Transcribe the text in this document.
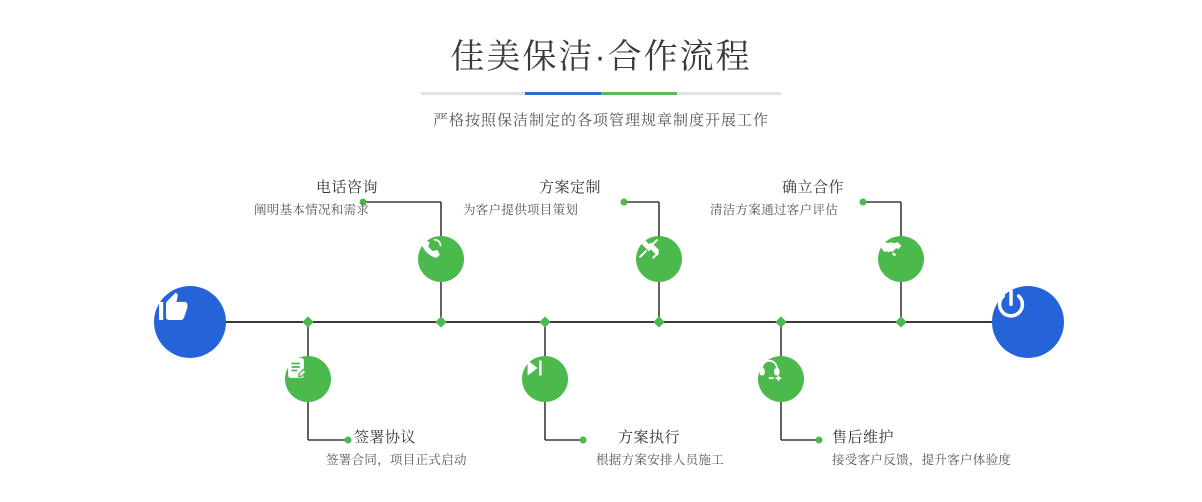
佳美保洁·合作流程

严格按照保洁制定的各项管理规章制度开展工作

电话咨询
阐明基本情况和需求
方案定制
为客户提供项目策划
确立合作
清洁方案通过客户评估
签署协议
签署合同，项目正式启动
方案执行
根据方案安排人员施工
售后维护
接受客户反馈，提升客户体验度
